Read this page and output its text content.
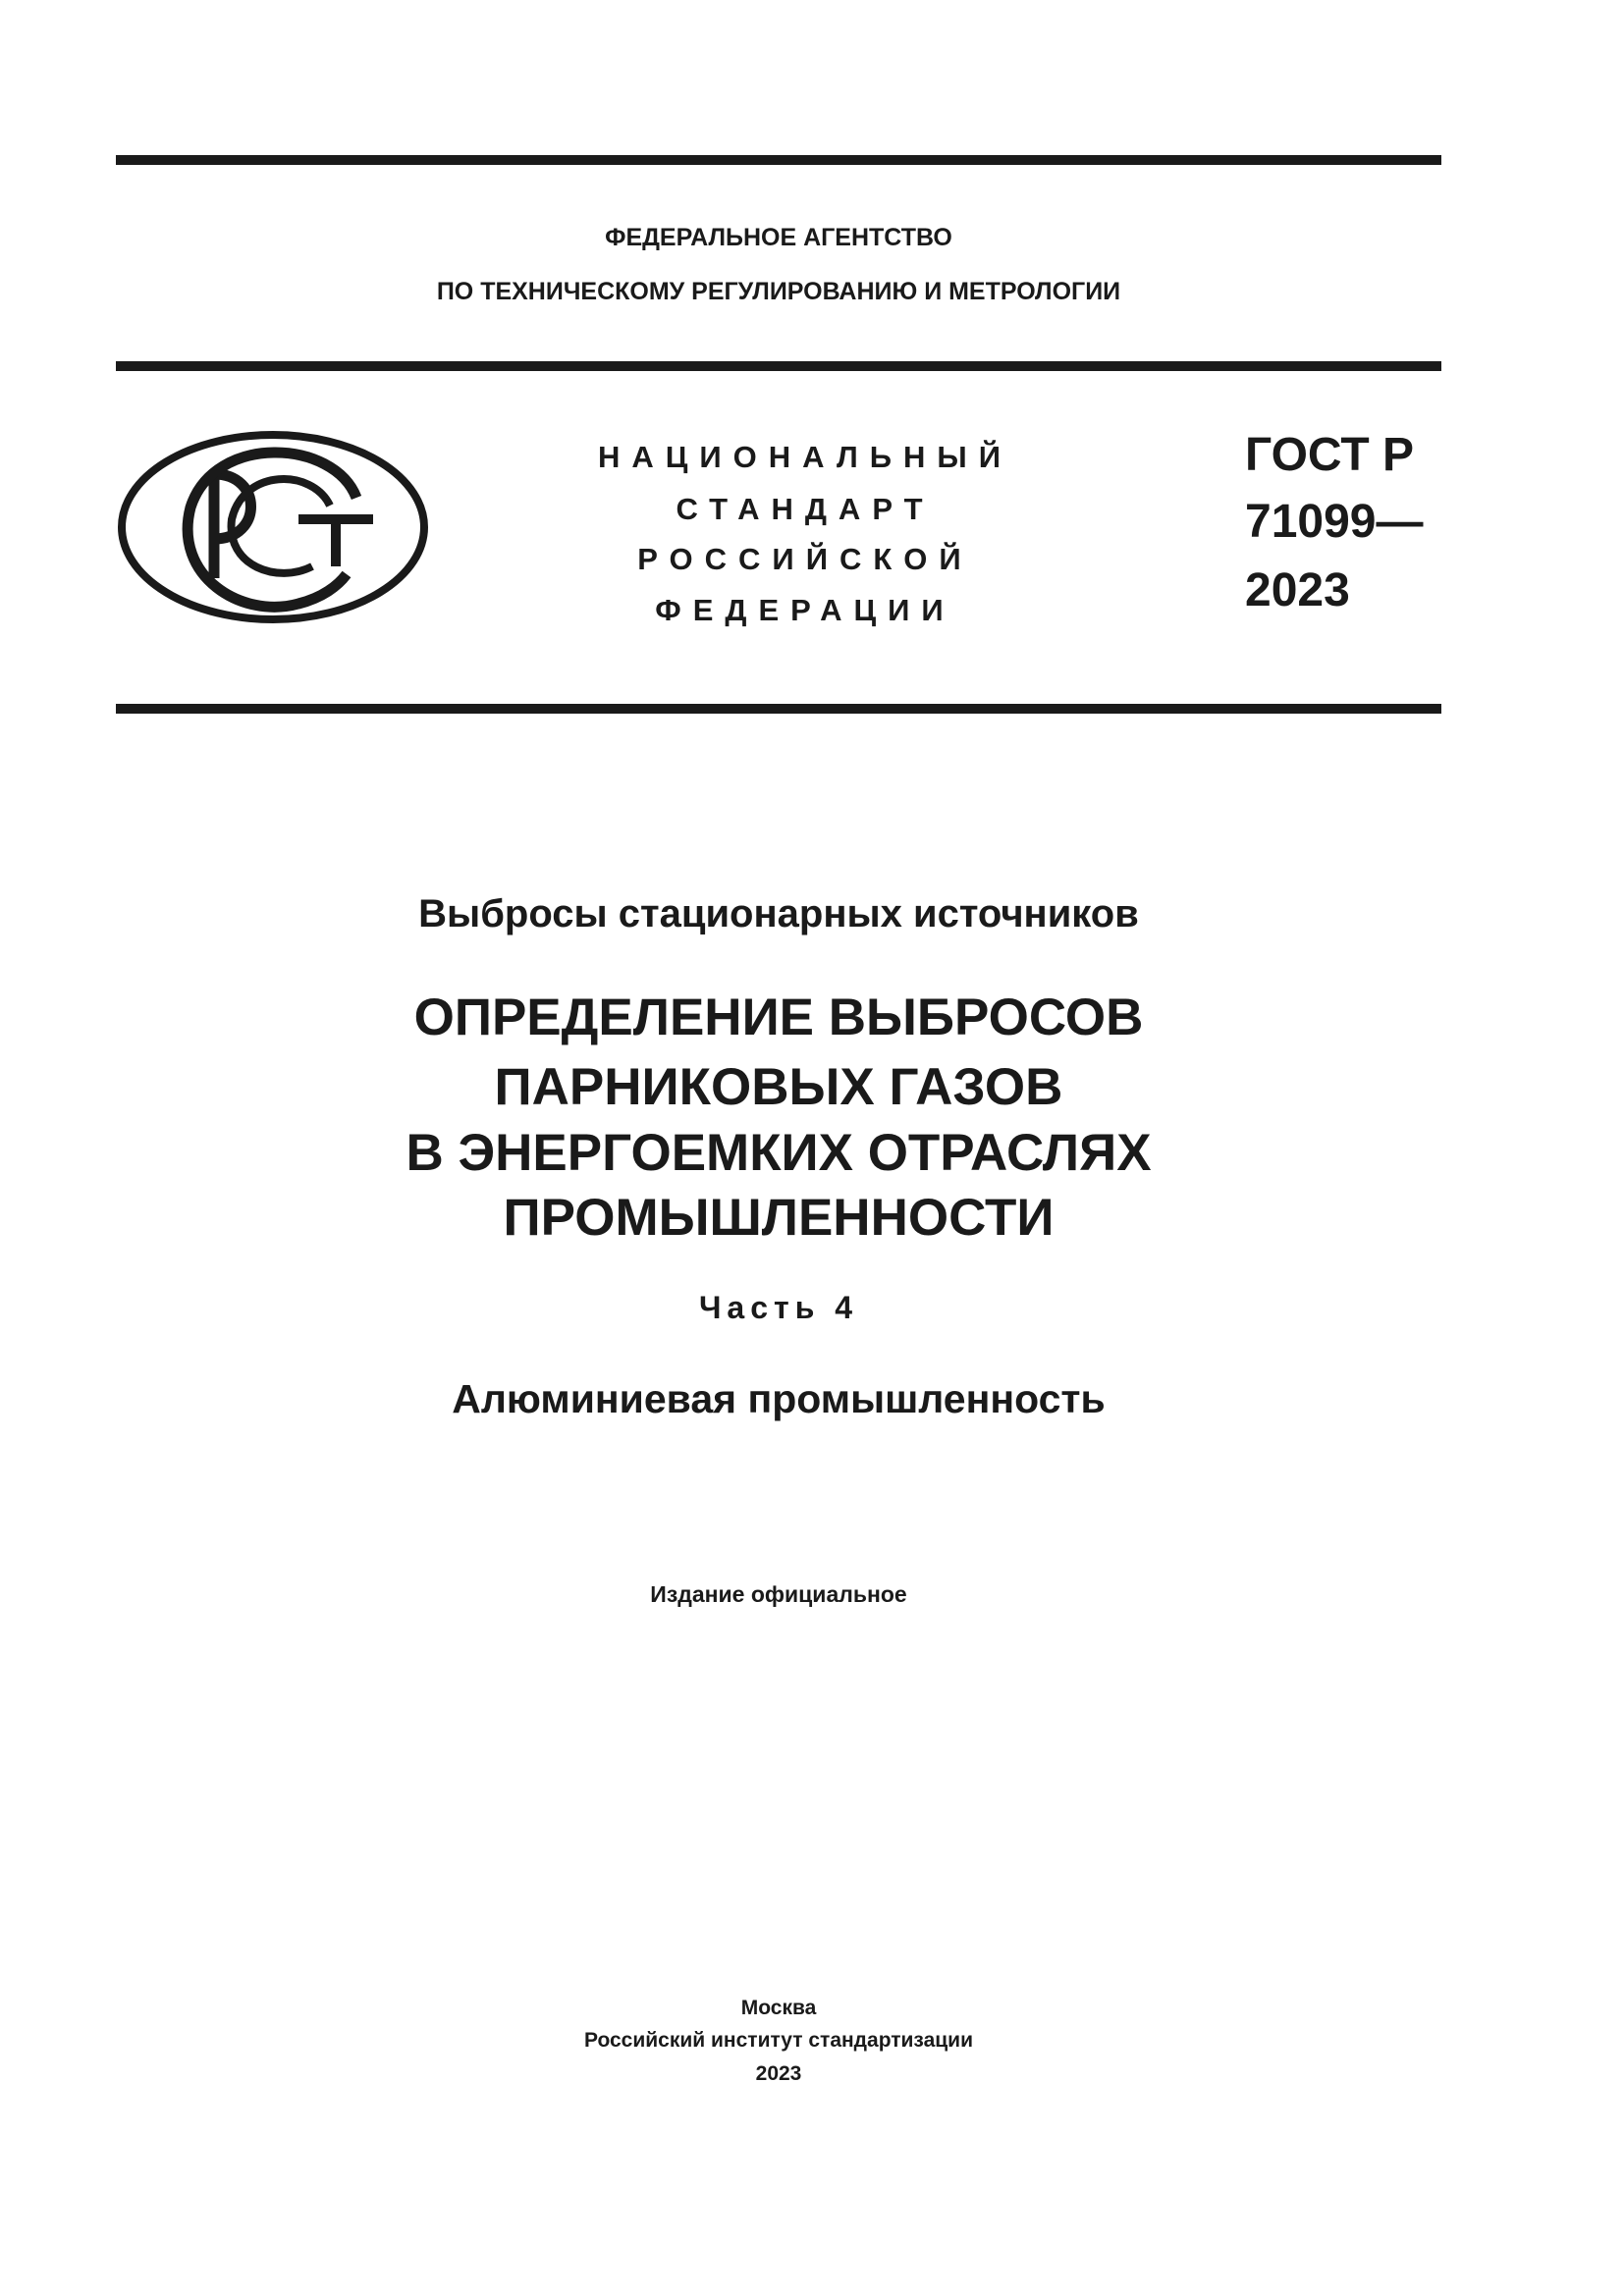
ФЕДЕРАЛЬНОЕ АГЕНТСТВО
ПО ТЕХНИЧЕСКОМУ РЕГУЛИРОВАНИЮ И МЕТРОЛОГИИ
НАЦИОНАЛЬНЫЙ
СТАНДАРТ
РОССИЙСКОЙ
ФЕДЕРАЦИИ
ГОСТ Р
71099—
2023
Выбросы стационарных источников
ОПРЕДЕЛЕНИЕ ВЫБРОСОВ
ПАРНИКОВЫХ ГАЗОВ
В ЭНЕРГОЕМКИХ ОТРАСЛЯХ
ПРОМЫШЛЕННОСТИ
Часть 4
Алюминиевая промышленность
Издание официальное
Москва
Российский институт стандартизации
2023
